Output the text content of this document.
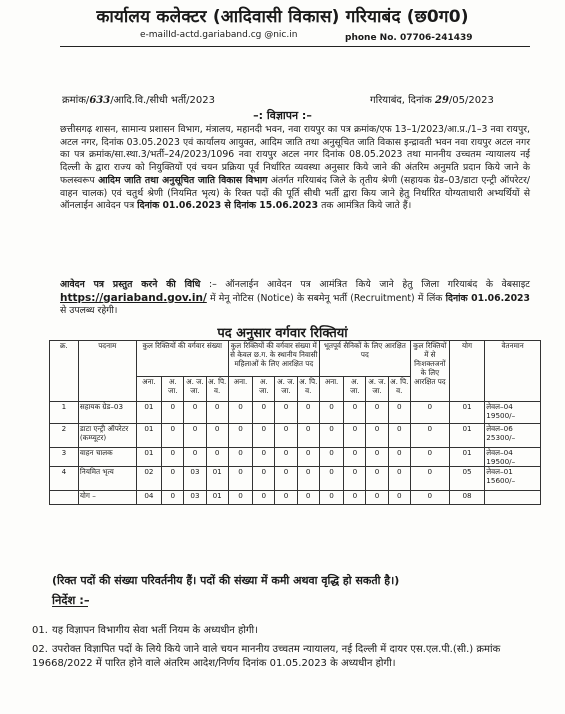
कार्यालय कलेक्टर (आदिवासी विकास) गरियाबंद (छ0ग0)
e-mailId-actd.gariaband.cg @nic.in	phone No. 07706-241439
क्रमांक/633/आदि.वि./सीधी भर्ती/2023	गरियाबंद, दिनांक 29/05/2023
–: विज्ञापन :–
छत्तीसगढ़ शासन, सामान्य प्रशासन विभाग, मंत्रालय, महानदी भवन, नवा रायपुर का पत्र क्रमांक/एफ 13–1/2023/आ.प्र./1–3 नवा रायपुर, अटल नगर, दिनांक 03.05.2023 एवं कार्यालय आयुक्त, आदिम जाति तथा अनुसूचित जाति विकास इन्द्रावती भवन नवा रायपुर अटल नगर का पत्र क्रमांक/सा.स्था.3/भर्ती–24/2023/1096 नवा रायपुर अटल नगर दिनांक 08.05.2023 तथा माननीय उच्चतम न्यायालय नई दिल्ली के द्वारा राज्य को नियुक्तियों एवं चयन प्रक्रिया पूर्व निर्धारित व्यवस्था अनुसार किये जाने की अंतरिम अनुमति प्रदान किये जाने के फलस्वरूप आदिम जाति तथा अनुसूचित जाति विकास विभाग अंतर्गत गरियाबंद जिले के तृतीय श्रेणी (सहायक ग्रेड–03/डाटा एन्ट्री ऑपरेटर/वाहन चालक) एवं चतुर्थ श्रेणी (नियमित भृत्य) के रिक्त पदों की पूर्ति सीधी भर्ती द्वारा किय जाने हेतु निर्धारित योग्यताधारी अभ्यर्थियों से ऑनलाईन आवेदन पत्र दिनांक 01.06.2023 से दिनांक 15.06.2023 तक आमंत्रित किये जाते हैं।
आवेदन पत्र प्रस्तुत करने की विधि :– ऑनलाईन आवेदन पत्र आमंत्रित किये जाने हेतु जिला गरियाबंद के वेबसाइट https://gariaband.gov.in/ में मेनू नोटिस (Notice) के सबमेनू भर्ती (Recruitment) में लिंक दिनांक 01.06.2023 से उपलब्ध रहेगी।
पद अनुसार वर्गवार रिक्तियां
क्र.	पदनाम	कुल रिक्तियों की वर्गवार संख्या				कुल रिक्तियों की वर्गवार संख्या में से केवल छ.ग. के स्थानीय निवासी महिलाओं के लिए आरक्षित पद				भूतपूर्व सैनिकों के लिए आरक्षित पद				कुल रिक्तियों में से निःशक्तजनों के लिए आरक्षित पद	योग	वेतनमान
		अना.	अ. जा.	अ. ज. जा.	अ. पि. व.	अना.	अ. जा.	अ. ज. जा.	अ. पि. व.	अना.	अ. जा.	अ. ज. जा.	अ. पि. व.			
1	सहायक ग्रेड–03	01	0	0	0	0	0	0	0	0	0	0	0	0	01	लेवल–04 19500/–
2	डाटा एन्ट्री ऑपरेटर (कम्प्यूटर)	01	0	0	0	0	0	0	0	0	0	0	0	0	01	लेवल–06 25300/–
3	वाहन चालक	01	0	0	0	0	0	0	0	0	0	0	0	0	01	लेवल–04 19500/–
4	नियमित भृत्य	02	0	03	01	0	0	0	0	0	0	0	0	0	05	लेवल–01 15600/–
	योग –	04	0	03	01	0	0	0	0	0	0	0	0	0	08	
(रिक्त पदों की संख्या परिवर्तनीय हैं। पदों की संख्या में कमी अथवा वृद्धि हो सकती है।)
निर्देश :–
01. यह विज्ञापन विभागीय सेवा भर्ती नियम के अध्यधीन होगी।
02. उपरोक्त विज्ञापित पदों के लिये किये जाने वाले चयन माननीय उच्चतम न्यायालय, नई दिल्ली में दायर एस.एल.पी.(सी.) क्रमांक 19668/2022 में पारित होने वाले अंतरिम आदेश/निर्णय दिनांक 01.05.2023 के अध्यधीन होगी।
